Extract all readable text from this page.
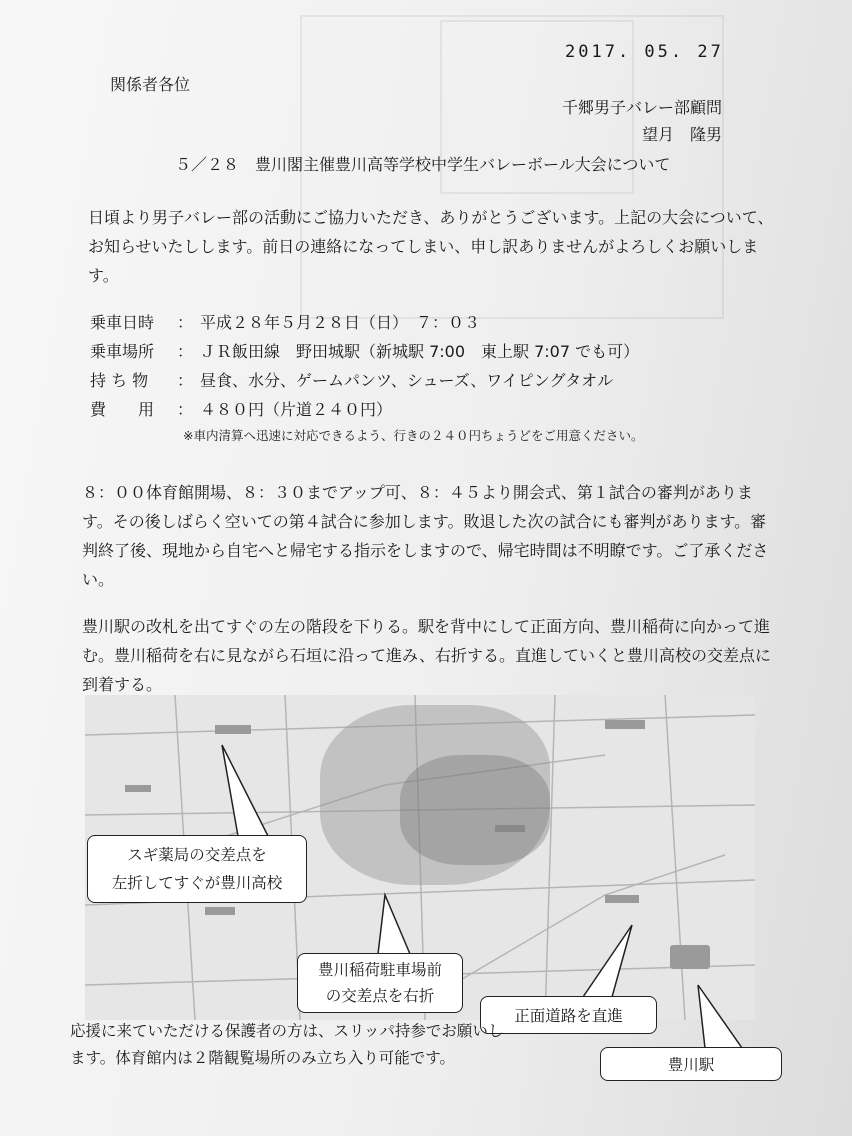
2017. 05. 27
関係者各位
千郷男子バレー部顧問
望月　隆男
５／２８　豊川閣主催豊川高等学校中学生バレーボール大会について
日頃より男子バレー部の活動にご協力いただき、ありがとうございます。上記の大会について、お知らせいたしします。前日の連絡になってしまい、申し訳ありませんがよろしくお願いします。
乗車日時	： 平成２８年５月２８日（日）　７：０３
乗車場所	： ＪＲ飯田線　野田城駅（新城駅 7:00　東上駅 7:07 でも可）
持 ち 物	： 昼食、水分、ゲームパンツ、シューズ、ワイピングタオル
費　　用	： ４８０円（片道２４０円）
※車内清算へ迅速に対応できるよう、行きの２４０円ちょうどをご用意ください。
８：００体育館開場、８：３０までアップ可、８：４５より開会式、第１試合の審判があります。その後しばらく空いての第４試合に参加します。敗退した次の試合にも審判があります。審判終了後、現地から自宅へと帰宅する指示をしますので、帰宅時間は不明瞭です。ご了承ください。
豊川駅の改札を出てすぐの左の階段を下りる。駅を背中にして正面方向、豊川稲荷に向かって進む。豊川稲荷を右に見ながら石垣に沿って進み、右折する。直進していくと豊川高校の交差点に到着する。
スギ薬局の交差点を
左折してすぐが豊川高校
豊川稲荷駐車場前
の交差点を右折
正面道路を直進
豊川駅
応援に来ていただける保護者の方は、スリッパ持参でお願いします。体育館内は２階観覧場所のみ立ち入り可能です。
